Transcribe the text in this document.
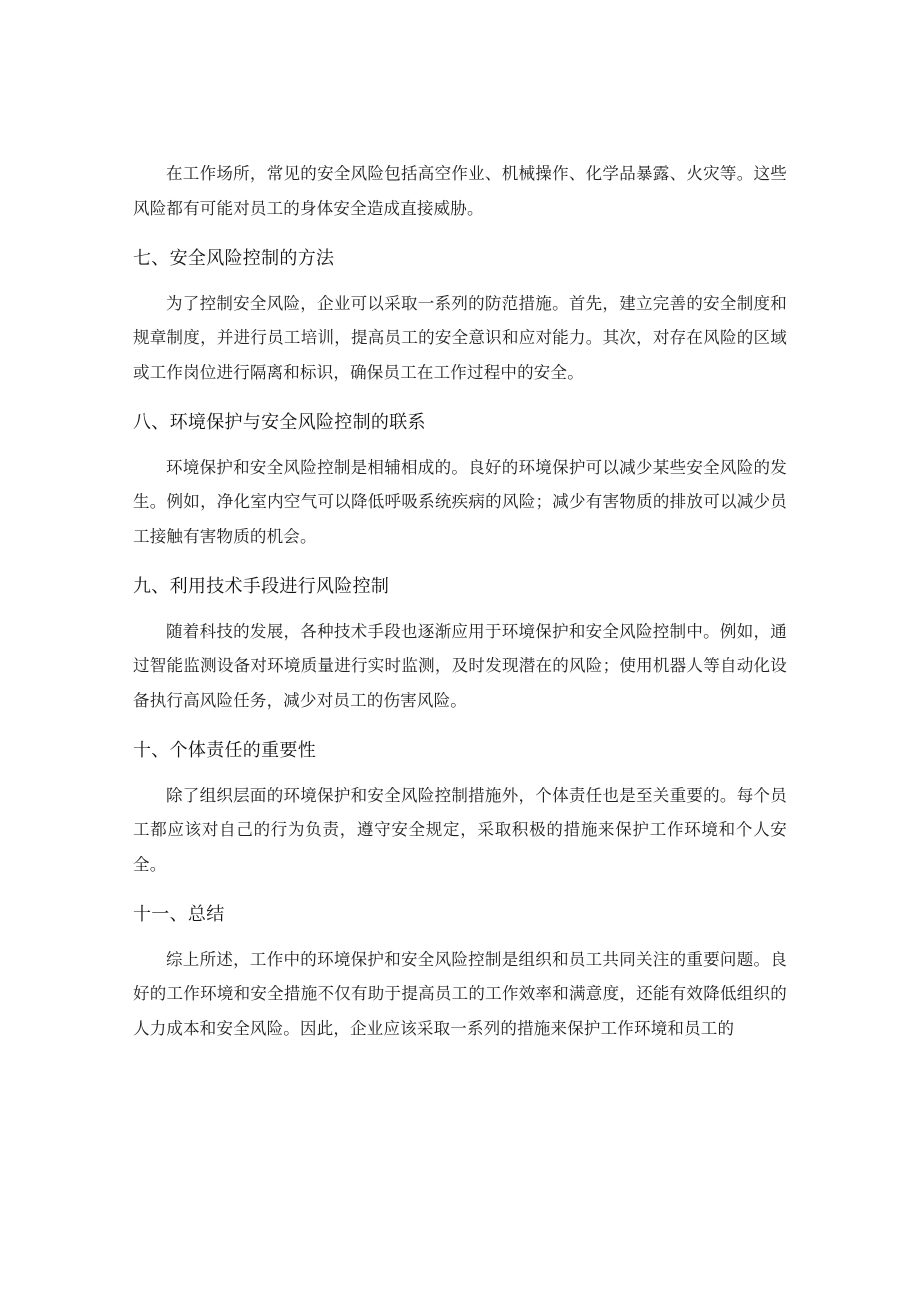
在工作场所，常见的安全风险包括高空作业、机械操作、化学品暴露、火灾等。这些风险都有可能对员工的身体安全造成直接威胁。

七、安全风险控制的方法

为了控制安全风险，企业可以采取一系列的防范措施。首先，建立完善的安全制度和规章制度，并进行员工培训，提高员工的安全意识和应对能力。其次，对存在风险的区域或工作岗位进行隔离和标识，确保员工在工作过程中的安全。

八、环境保护与安全风险控制的联系

环境保护和安全风险控制是相辅相成的。良好的环境保护可以减少某些安全风险的发生。例如，净化室内空气可以降低呼吸系统疾病的风险；减少有害物质的排放可以减少员工接触有害物质的机会。

九、利用技术手段进行风险控制

随着科技的发展，各种技术手段也逐渐应用于环境保护和安全风险控制中。例如，通过智能监测设备对环境质量进行实时监测，及时发现潜在的风险；使用机器人等自动化设备执行高风险任务，减少对员工的伤害风险。

十、个体责任的重要性

除了组织层面的环境保护和安全风险控制措施外，个体责任也是至关重要的。每个员工都应该对自己的行为负责，遵守安全规定，采取积极的措施来保护工作环境和个人安全。

十一、总结

综上所述，工作中的环境保护和安全风险控制是组织和员工共同关注的重要问题。良好的工作环境和安全措施不仅有助于提高员工的工作效率和满意度，还能有效降低组织的人力成本和安全风险。因此，企业应该采取一系列的措施来保护工作环境和员工的
